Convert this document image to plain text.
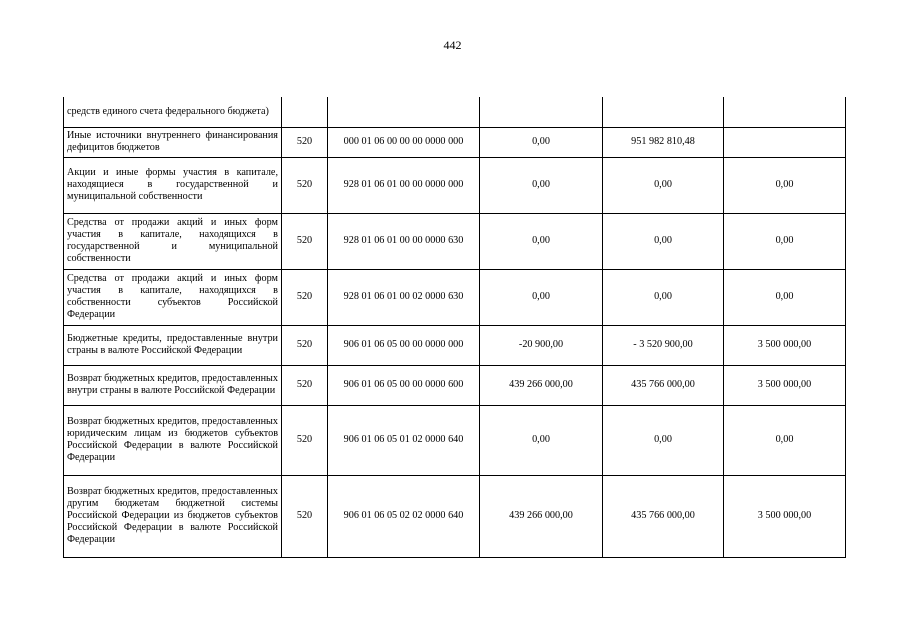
442
средств единого счета федерального бюджета)					
Иные источники внутреннего финансирования дефицитов бюджетов	520	000 01 06 00 00 00 0000 000	0,00	951 982 810,48	
Акции и иные формы участия в капитале, находящиеся в государственной и муниципальной собственности	520	928 01 06 01 00 00 0000 000	0,00	0,00	0,00
Средства от продажи акций и иных форм участия в капитале, находящихся в государственной и муниципальной собственности	520	928 01 06 01 00 00 0000 630	0,00	0,00	0,00
Средства от продажи акций и иных форм участия в капитале, находящихся в собственности субъектов Российской Федерации	520	928 01 06 01 00 02 0000 630	0,00	0,00	0,00
Бюджетные кредиты, предоставленные внутри страны в валюте Российской Федерации	520	906 01 06 05 00 00 0000 000	-20 900,00	- 3 520 900,00	3 500 000,00
Возврат бюджетных кредитов, предоставленных внутри страны в валюте Российской Федерации	520	906 01 06 05 00 00 0000 600	439 266 000,00	435 766 000,00	3 500 000,00
Возврат бюджетных кредитов, предоставленных юридическим лицам из бюджетов субъектов Российской Федерации в валюте Российской Федерации	520	906 01 06 05 01 02 0000 640	0,00	0,00	0,00
Возврат бюджетных кредитов, предоставленных другим бюджетам бюджетной системы Российской Федерации из бюджетов субъектов Российской Федерации в валюте Российской Федерации	520	906 01 06 05 02 02 0000 640	439 266 000,00	435 766 000,00	3 500 000,00
